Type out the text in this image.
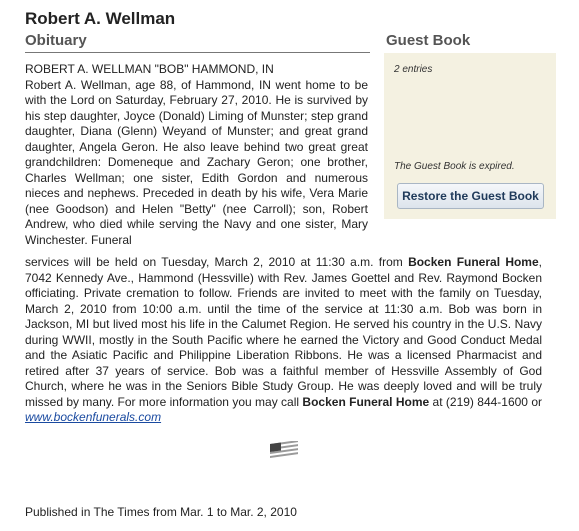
Robert A. Wellman
Obituary	Guest Book
2 entries
The Guest Book is expired.
Restore the Guest Book

ROBERT A. WELLMAN "BOB" HAMMOND, IN

Robert A. Wellman, age 88, of Hammond, IN went home to be with the Lord on Saturday, February 27, 2010. He is survived by his step daughter, Joyce (Donald) Liming of Munster; step grand daughter, Diana (Glenn) Weyand of Munster; and great grand daughter, Angela Geron. He also leave behind two great great grandchildren: Domeneque and Zachary Geron; one brother, Charles Wellman; one sister, Edith Gordon and numerous nieces and nephews. Preceded in death by his wife, Vera Marie (nee Goodson) and Helen "Betty" (nee Carroll); son, Robert Andrew, who died while serving the Navy and one sister, Mary Winchester. Funeral

services will be held on Tuesday, March 2, 2010 at 11:30 a.m. from Bocken Funeral Home, 7042 Kennedy Ave., Hammond (Hessville) with Rev. James Goettel and Rev. Raymond Bocken officiating. Private cremation to follow. Friends are invited to meet with the family on Tuesday, March 2, 2010 from 10:00 a.m. until the time of the service at 11:30 a.m. Bob was born in Jackson, MI but lived most his life in the Calumet Region. He served his country in the U.S. Navy during WWII, mostly in the South Pacific where he earned the Victory and Good Conduct Medal and the Asiatic Pacific and Philippine Liberation Ribbons. He was a licensed Pharmacist and retired after 37 years of service. Bob was a faithful member of Hessville Assembly of God Church, where he was in the Seniors Bible Study Group. He was deeply loved and will be truly missed by many. For more information you may call Bocken Funeral Home at (219) 844-1600 or www.bockenfunerals.com
Published in The Times from Mar. 1 to Mar. 2, 2010
